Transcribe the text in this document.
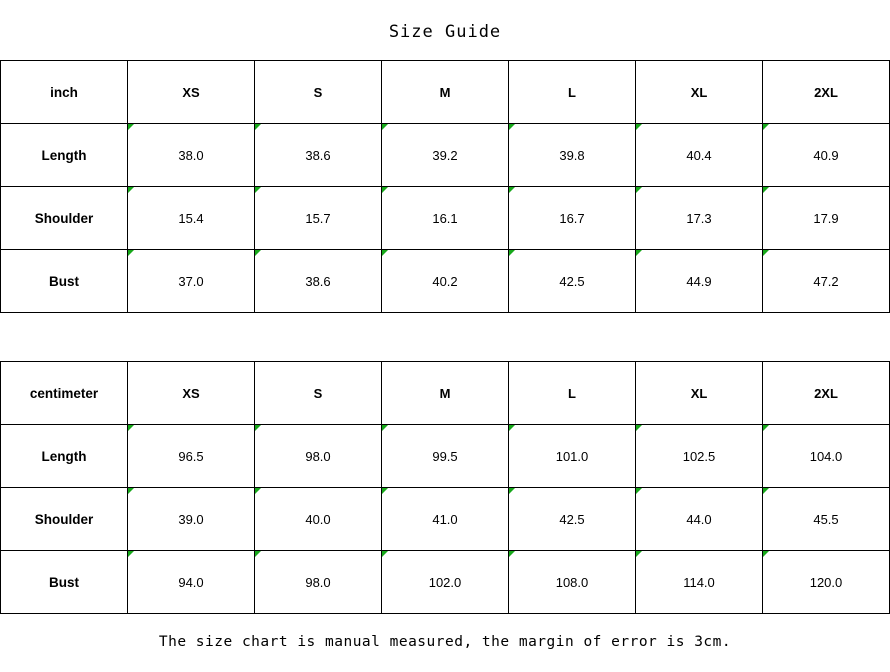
Size Guide
inch	XS	S	M	L	XL	2XL
Length	38.0	38.6	39.2	39.8	40.4	40.9
Shoulder	15.4	15.7	16.1	16.7	17.3	17.9
Bust	37.0	38.6	40.2	42.5	44.9	47.2
centimeter	XS	S	M	L	XL	2XL
Length	96.5	98.0	99.5	101.0	102.5	104.0
Shoulder	39.0	40.0	41.0	42.5	44.0	45.5
Bust	94.0	98.0	102.0	108.0	114.0	120.0
The size chart is manual measured, the margin of error is 3cm.
